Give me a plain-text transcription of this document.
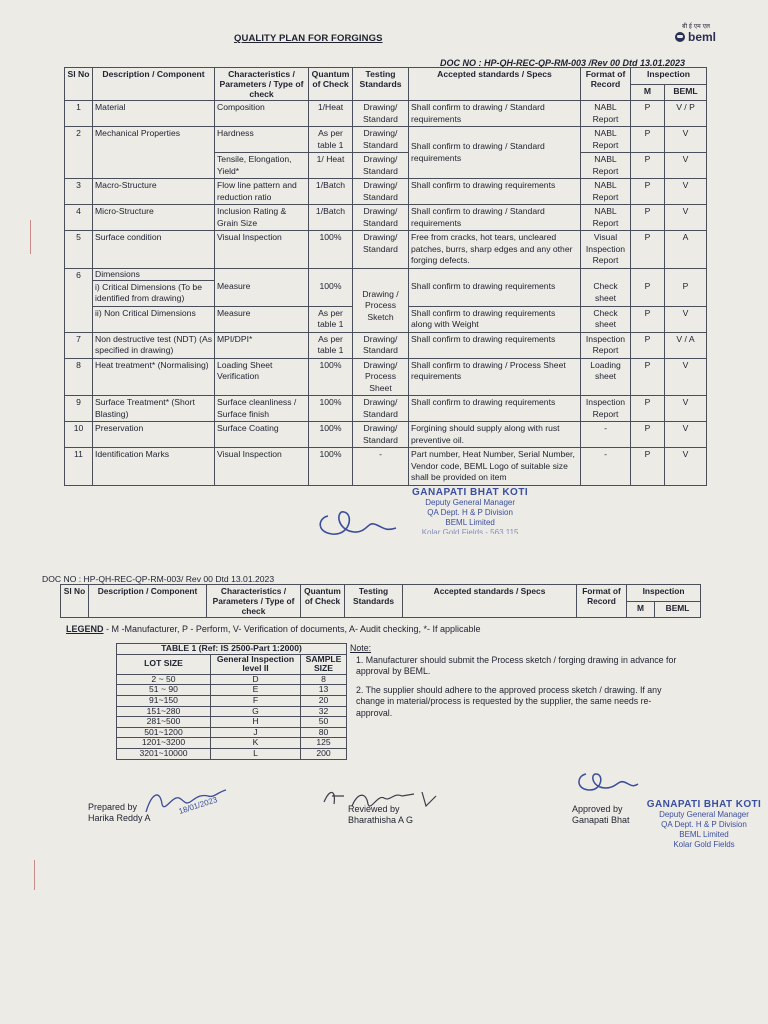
QUALITY PLAN FOR FORGINGS
बी ई एम एल
beml
DOC NO : HP-QH-REC-QP-RM-003 /Rev 00 Dtd 13.01.2023
Sl No	Description / Component	Characteristics / Parameters / Type of check	Quantum of Check	Testing Standards	Accepted standards / Specs	Format of Record	Inspection	
							M	BEML
1	Material	Composition	1/Heat	Drawing/ Standard	Shall confirm to drawing / Standard requirements	NABL Report	P	V / P
2	Mechanical Properties	Hardness	As per table 1	Drawing/ Standard	Shall confirm to drawing / Standard requirements	NABL Report	P	V
		Tensile, Elongation, Yield*	1/ Heat	Drawing/ Standard		NABL Report	P	V
3	Macro-Structure	Flow line pattern and reduction ratio	1/Batch	Drawing/ Standard	Shall confirm to drawing requirements	NABL Report	P	V
4	Micro-Structure	Inclusion Rating & Grain Size	1/Batch	Drawing/ Standard	Shall confirm to drawing / Standard requirements	NABL Report	P	V
5	Surface condition	Visual Inspection	100%	Drawing/ Standard	Free from cracks, hot tears, uncleared patches, burrs, sharp edges and any other forging defects.	Visual Inspection Report	P	A
6	Dimensions							
	i) Critical Dimensions (To be identified from drawing)	Measure	100%	Drawing / Process Sketch	Shall confirm to drawing requirements	Check sheet	P	P
	ii) Non Critical Dimensions	Measure	As per table 1		Shall confirm to drawing requirements along with Weight	Check sheet	P	V
7	Non destructive test (NDT) (As specified in drawing)	MPI/DPI*	As per table 1	Drawing/ Standard	Shall confirm to drawing requirements	Inspection Report	P	V / A
8	Heat treatment* (Normalising)	Loading Sheet Verification	100%	Drawing/ Process Sheet	Shall confirm to drawing / Process Sheet requirements	Loading sheet	P	V
9	Surface Treatment* (Short Blasting)	Surface cleanliness / Surface finish	100%	Drawing/ Standard	Shall confirm to drawing requirements	Inspection Report	P	V
10	Preservation	Surface Coating	100%	Drawing/ Standard	Forgining should supply along with rust preventive oil.	-	P	V
11	Identification Marks	Visual Inspection	100%	-	Part number, Heat Number, Serial Number, Vendor code, BEML Logo of suitable size shall be provided on item	-	P	V
GANAPATI BHAT KOTI
Deputy General Manager
QA Dept. H & P Division
BEML Limited
Kolar Gold Fields - 563 115
DOC NO : HP-QH-REC-QP-RM-003/ Rev 00 Dtd 13.01.2023
Sl No	Description / Component	Characteristics / Parameters / Type of check	Quantum of Check	Testing Standards	Accepted standards / Specs	Format of Record	Inspection	
							M	BEML
LEGEND - M -Manufacturer, P - Perform, V- Verification of documents, A- Audit checking, *- If applicable
TABLE 1 (Ref: IS 2500-Part 1:2000)		
LOT SIZE	General Inspection level II	SAMPLE SIZE
2 ~ 50	D	8
51 ~ 90	E	13
91~150	F	20
151~280	G	32
281~500	H	50
501~1200	J	80
1201~3200	K	125
3201~10000	L	200
Note:

1. Manufacturer should submit the Process sketch / forging drawing in advance for approval by BEML.

2. The supplier should adhere to the approved process sketch / drawing. If any change in material/process is requested by the supplier, the same needs re-approval.

Prepared by
Harika Reddy A
18/01/2023	Reviewed by
Bharathisha A G
Approved by
Ganapati Bhat
GANAPATI BHAT KOTI
Deputy General Manager
QA Dept. H & P Division
BEML Limited
Kolar Gold Fields
